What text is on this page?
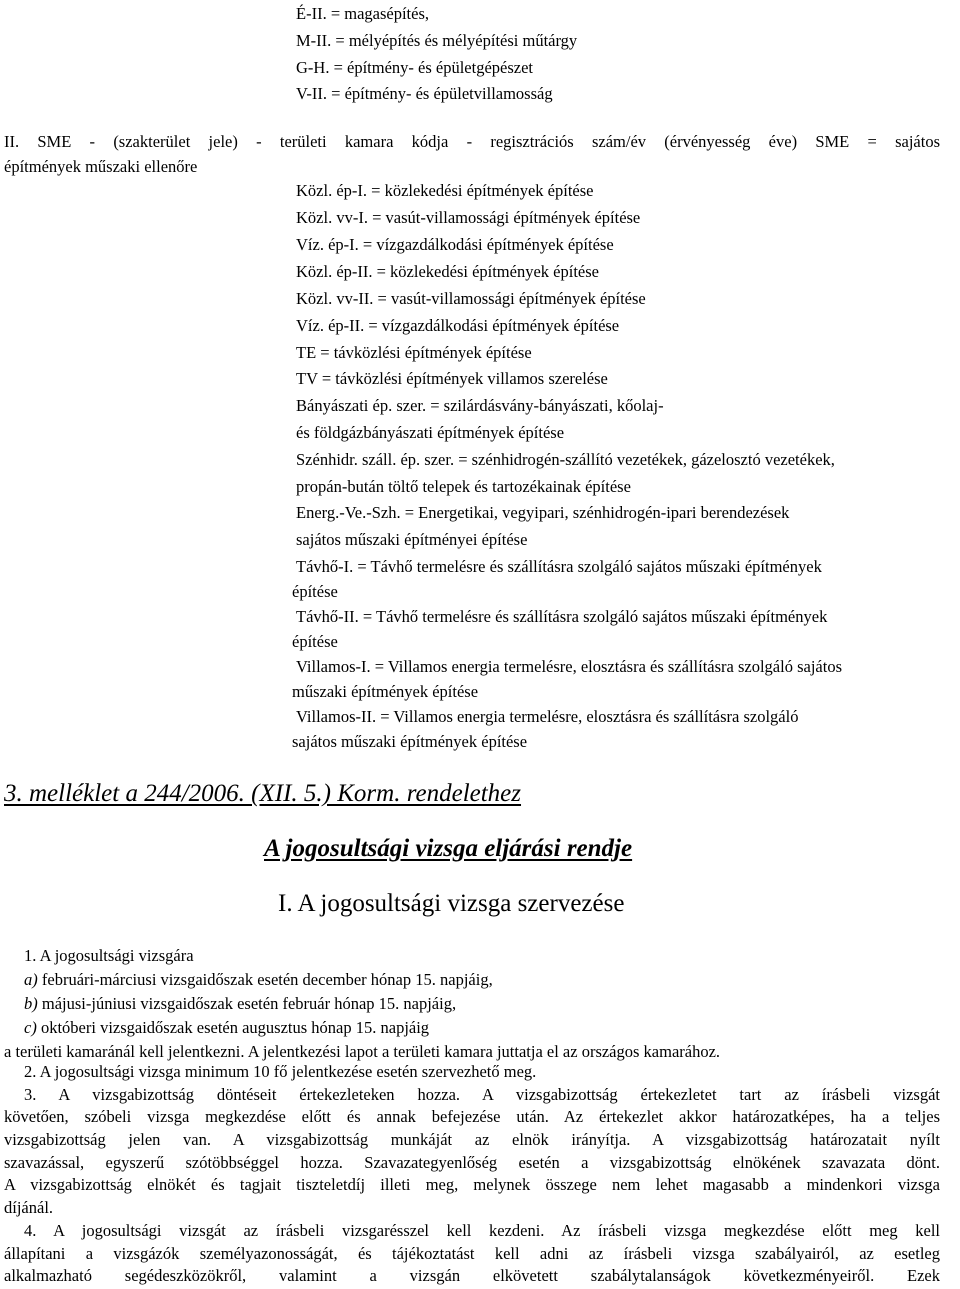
É-II. = magasépítés,
M-II. = mélyépítés és mélyépítési műtárgy
G-H. = építmény- és épületgépészet
V-II. = építmény- és épületvillamosság
II. SME - (szakterület jele) - területi kamara kódja - regisztrációs szám/év (érvényesség éve) SME = sajátos
építmények műszaki ellenőre
Közl. ép-I. = közlekedési építmények építése
Közl. vv-I. = vasút-villamossági építmények építése
Víz. ép-I. = vízgazdálkodási építmények építése
Közl. ép-II. = közlekedési építmények építése
Közl. vv-II. = vasút-villamossági építmények építése
Víz. ép-II. = vízgazdálkodási építmények építése
TE = távközlési építmények építése
TV = távközlési építmények villamos szerelése
Bányászati ép. szer. = szilárdásvány-bányászati, kőolaj-
és földgázbányászati építmények építése
Szénhidr. száll. ép. szer. = szénhidrogén-szállító vezetékek, gázelosztó vezetékek,
propán-bután töltő telepek és tartozékainak építése
Energ.-Ve.-Szh. = Energetikai, vegyipari, szénhidrogén-ipari berendezések
sajátos műszaki építményei építése
Távhő-I. = Távhő termelésre és szállításra szolgáló sajátos műszaki építmények
építése
Távhő-II. = Távhő termelésre és szállításra szolgáló sajátos műszaki építmények
építése
Villamos-I. = Villamos energia termelésre, elosztásra és szállításra szolgáló sajátos
műszaki építmények építése
Villamos-II. = Villamos energia termelésre, elosztásra és szállításra szolgáló
sajátos műszaki építmények építése
3. melléklet a 244/2006. (XII. 5.) Korm. rendelethez
A jogosultsági vizsga eljárási rendje
I. A jogosultsági vizsga szervezése
1. A jogosultsági vizsgára
a) februári-márciusi vizsgaidőszak esetén december hónap 15. napjáig,
b) májusi-júniusi vizsgaidőszak esetén február hónap 15. napjáig,
c) októberi vizsgaidőszak esetén augusztus hónap 15. napjáig
a területi kamaránál kell jelentkezni. A jelentkezési lapot a területi kamara juttatja el az országos kamarához.
2. A jogosultsági vizsga minimum 10 fő jelentkezése esetén szervezhető meg.
3. A vizsgabizottság döntéseit értekezleteken hozza. A vizsgabizottság értekezletet tart az írásbeli vizsgát
követően, szóbeli vizsga megkezdése előtt és annak befejezése után. Az értekezlet akkor határozatképes, ha a teljes
vizsgabizottság jelen van. A vizsgabizottság munkáját az elnök irányítja. A vizsgabizottság határozatait nyílt
szavazással, egyszerű szótöbbséggel hozza. Szavazategyenlőség esetén a vizsgabizottság elnökének szavazata dönt.
A vizsgabizottság elnökét és tagjait tiszteletdíj illeti meg, melynek összege nem lehet magasabb a mindenkori vizsga
díjánál.
4. A jogosultsági vizsgát az írásbeli vizsgarésszel kell kezdeni. Az írásbeli vizsga megkezdése előtt meg kell
állapítani a vizsgázók személyazonosságát, és tájékoztatást kell adni az írásbeli vizsga szabályairól, az esetleg
alkalmazható segédeszközökről, valamint a vizsgán elkövetett szabálytalanságok következményeiről. Ezek
